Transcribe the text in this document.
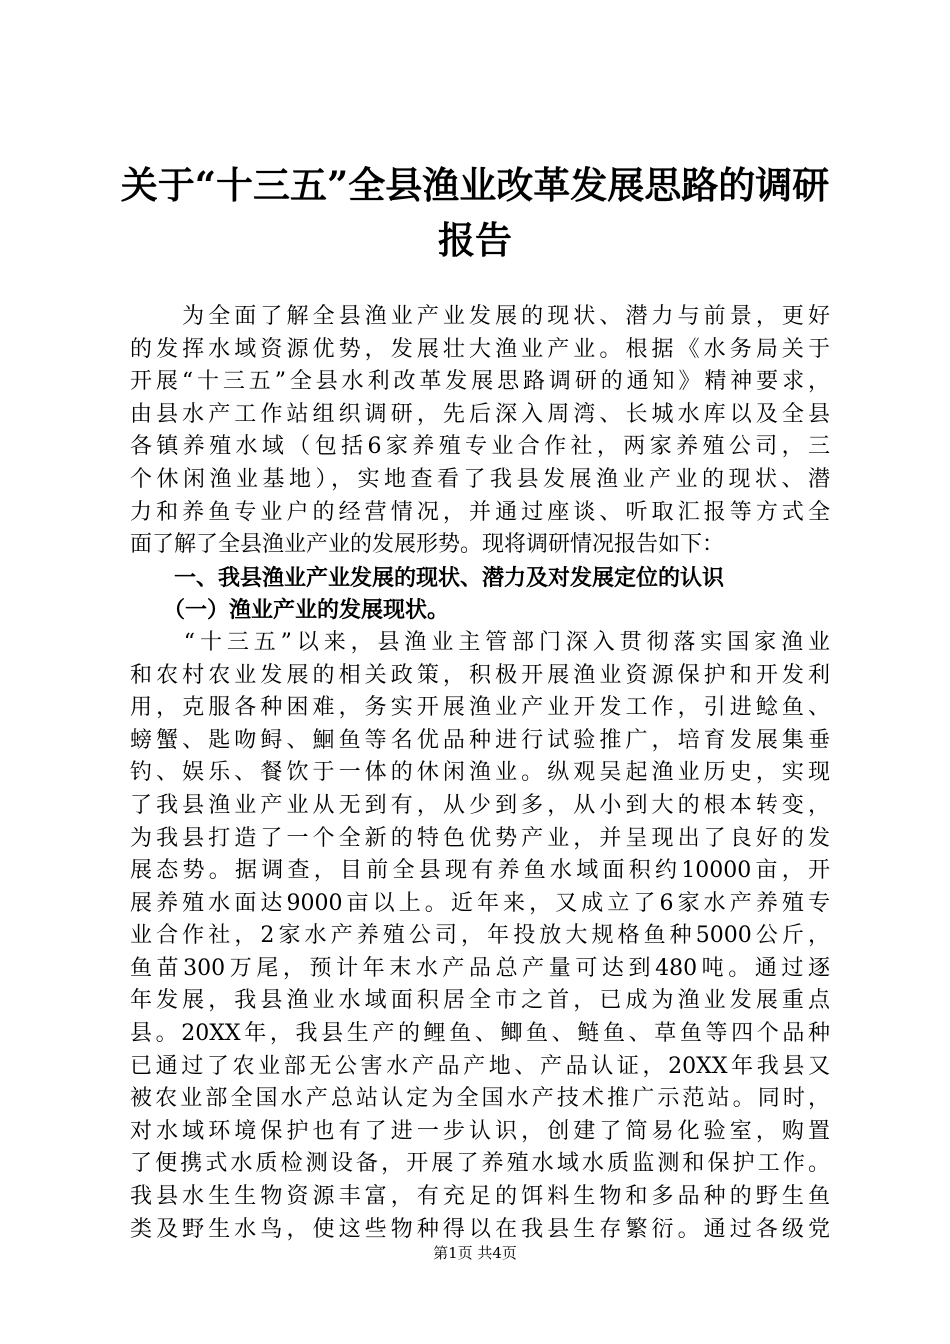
关于“十三五”全县渔业改革发展思路的调研
报告
　　为全面了解全县渔业产业发展的现状、潜力与前景，更好
的发挥水域资源优势，发展壮大渔业产业。根据《水务局关于
开展“十三五”全县水利改革发展思路调研的通知》精神要求，
由县水产工作站组织调研，先后深入周湾、长城水库以及全县
各镇养殖水域（包括6家养殖专业合作社，两家养殖公司，三
个休闲渔业基地），实地查看了我县发展渔业产业的现状、潜
力和养鱼专业户的经营情况，并通过座谈、听取汇报等方式全
面了解了全县渔业产业的发展形势。现将调研情况报告如下：
　　一、我县渔业产业发展的现状、潜力及对发展定位的认识
　　（一）渔业产业的发展现状。
　　“十三五”以来，县渔业主管部门深入贯彻落实国家渔业
和农村农业发展的相关政策，积极开展渔业资源保护和开发利
用，克服各种困难，务实开展渔业产业开发工作，引进鲶鱼、
螃蟹、匙吻鲟、鮰鱼等名优品种进行试验推广，培育发展集垂
钓、娱乐、餐饮于一体的休闲渔业。纵观吴起渔业历史，实现
了我县渔业产业从无到有，从少到多，从小到大的根本转变，
为我县打造了一个全新的特色优势产业，并呈现出了良好的发
展态势。据调查，目前全县现有养鱼水域面积约10000亩，开
展养殖水面达9000亩以上。近年来，又成立了6家水产养殖专
业合作社，2家水产养殖公司，年投放大规格鱼种5000公斤，
鱼苗300万尾，预计年末水产品总产量可达到480吨。通过逐
年发展，我县渔业水域面积居全市之首，已成为渔业发展重点
县。20XX年，我县生产的鲤鱼、鲫鱼、鲢鱼、草鱼等四个品种
已通过了农业部无公害水产品产地、产品认证，20XX年我县又
被农业部全国水产总站认定为全国水产技术推广示范站。同时，
对水域环境保护也有了进一步认识，创建了简易化验室，购置
了便携式水质检测设备，开展了养殖水域水质监测和保护工作。
我县水生生物资源丰富，有充足的饵料生物和多品种的野生鱼
类及野生水鸟，使这些物种得以在我县生存繁衍。通过各级党
第1页 共4页
